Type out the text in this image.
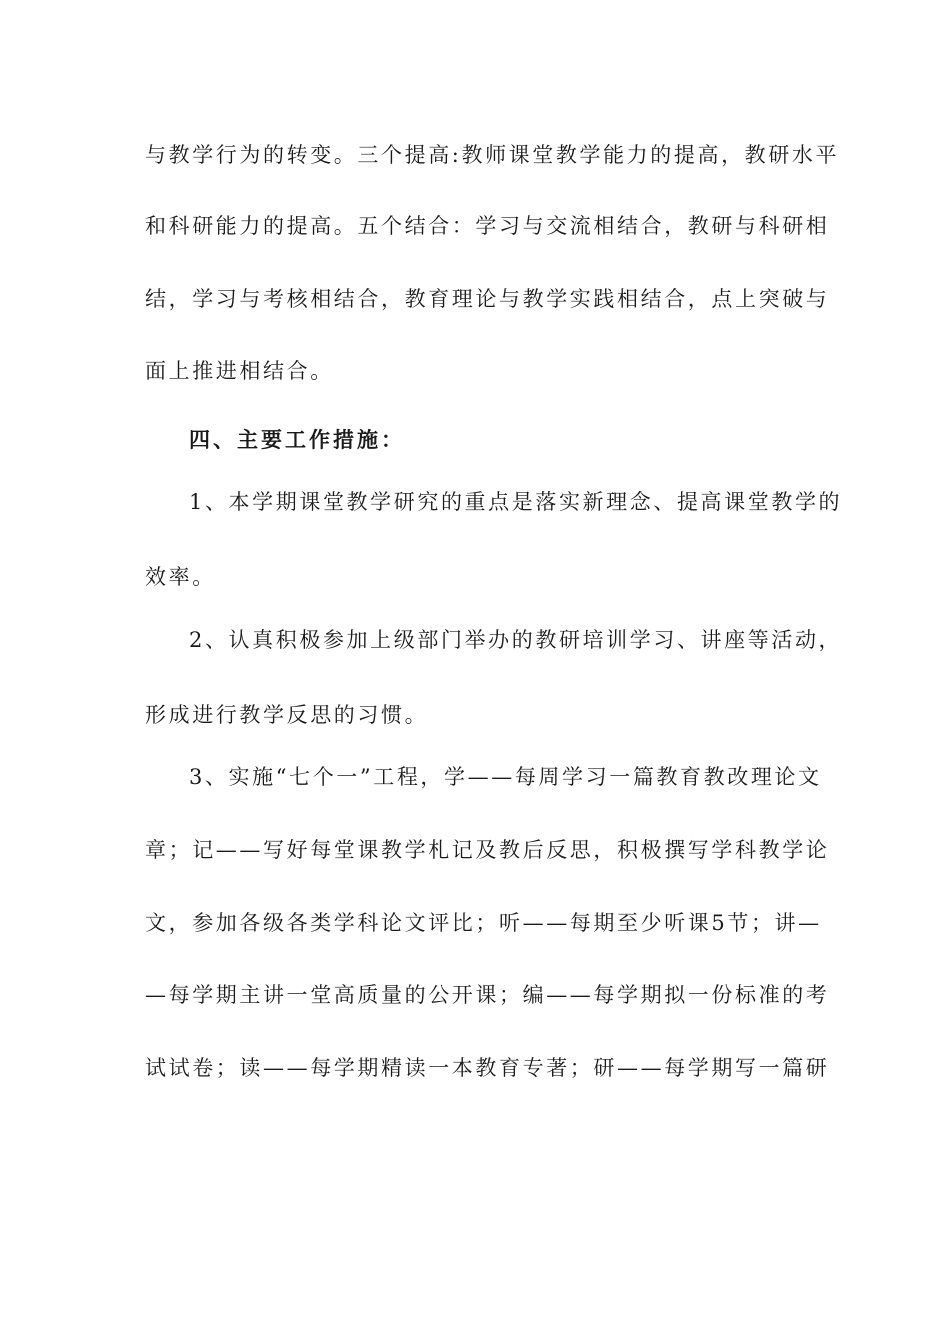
与教学行为的转变。三个提高:教师课堂教学能力的提高，教研水平
和科研能力的提高。五个结合：学习与交流相结合，教研与科研相
结，学习与考核相结合，教育理论与教学实践相结合，点上突破与
面上推进相结合。
四、主要工作措施：
1、本学期课堂教学研究的重点是落实新理念、提高课堂教学的
效率。
2、认真积极参加上级部门举办的教研培训学习、讲座等活动，
形成进行教学反思的习惯。
3、实施“七个一”工程，学——每周学习一篇教育教改理论文
章；记——写好每堂课教学札记及教后反思，积极撰写学科教学论
文，参加各级各类学科论文评比；听——每期至少听课5节；讲—
—每学期主讲一堂高质量的公开课；编——每学期拟一份标准的考
试试卷；读——每学期精读一本教育专著；研——每学期写一篇研
